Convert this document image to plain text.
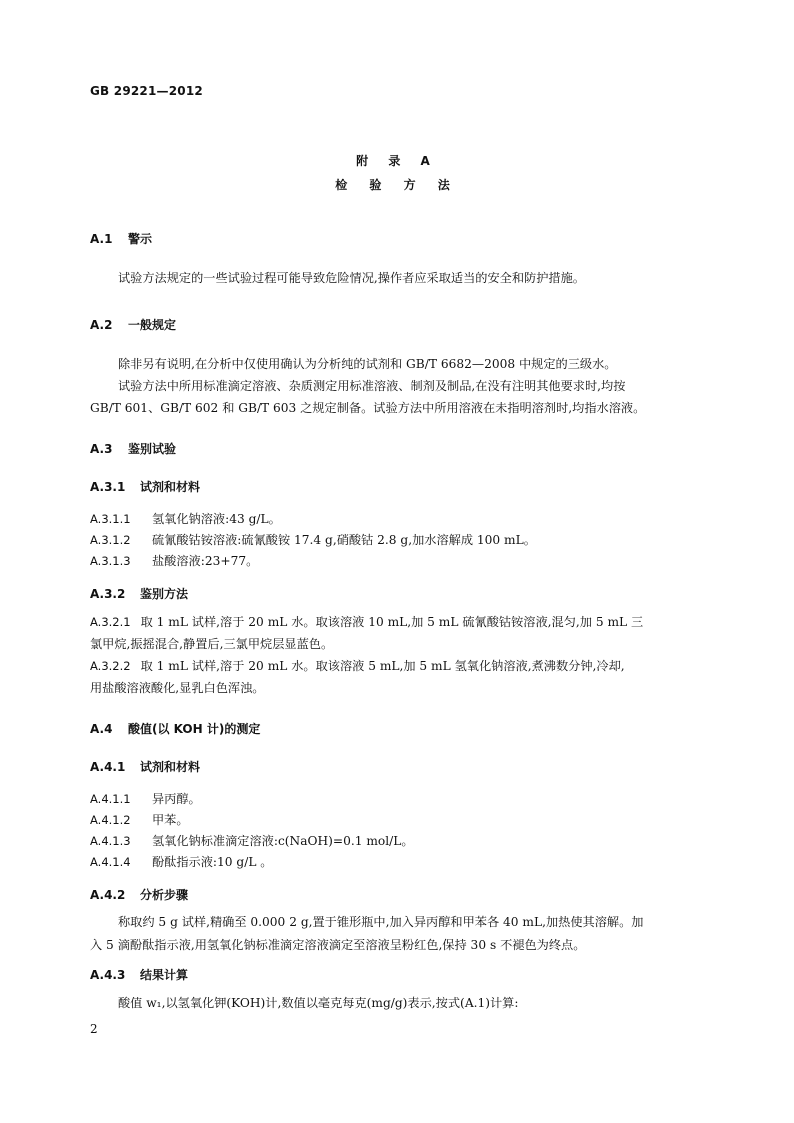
GB 29221—2012
附 录 A
检 验 方 法
A.1 警示
试验方法规定的一些试验过程可能导致危险情况,操作者应采取适当的安全和防护措施。
A.2 一般规定
除非另有说明,在分析中仅使用确认为分析纯的试剂和 GB/T 6682—2008 中规定的三级水。
试验方法中所用标准滴定溶液、杂质测定用标准溶液、制剂及制品,在没有注明其他要求时,均按
GB/T 601、GB/T 602 和 GB/T 603 之规定制备。试验方法中所用溶液在未指明溶剂时,均指水溶液。
A.3 鉴别试验
A.3.1 试剂和材料
A.3.1.1 氢氧化钠溶液:43 g/L。
A.3.1.2 硫氰酸钴铵溶液:硫氰酸铵 17.4 g,硝酸钴 2.8 g,加水溶解成 100 mL。
A.3.1.3 盐酸溶液:23+77。
A.3.2 鉴别方法
A.3.2.1 取 1 mL 试样,溶于 20 mL 水。取该溶液 10 mL,加 5 mL 硫氰酸钴铵溶液,混匀,加 5 mL 三
氯甲烷,振摇混合,静置后,三氯甲烷层显蓝色。
A.3.2.2 取 1 mL 试样,溶于 20 mL 水。取该溶液 5 mL,加 5 mL 氢氧化钠溶液,煮沸数分钟,冷却,
用盐酸溶液酸化,显乳白色浑浊。
A.4 酸值(以 KOH 计)的测定
A.4.1 试剂和材料
A.4.1.1 异丙醇。
A.4.1.2 甲苯。
A.4.1.3 氢氧化钠标准滴定溶液:c(NaOH)=0.1 mol/L。
A.4.1.4 酚酞指示液:10 g/L 。
A.4.2 分析步骤
称取约 5 g 试样,精确至 0.000 2 g,置于锥形瓶中,加入异丙醇和甲苯各 40 mL,加热使其溶解。加
入 5 滴酚酞指示液,用氢氧化钠标准滴定溶液滴定至溶液呈粉红色,保持 30 s 不褪色为终点。
A.4.3 结果计算
酸值 w₁,以氢氧化钾(KOH)计,数值以毫克每克(mg/g)表示,按式(A.1)计算:
2
